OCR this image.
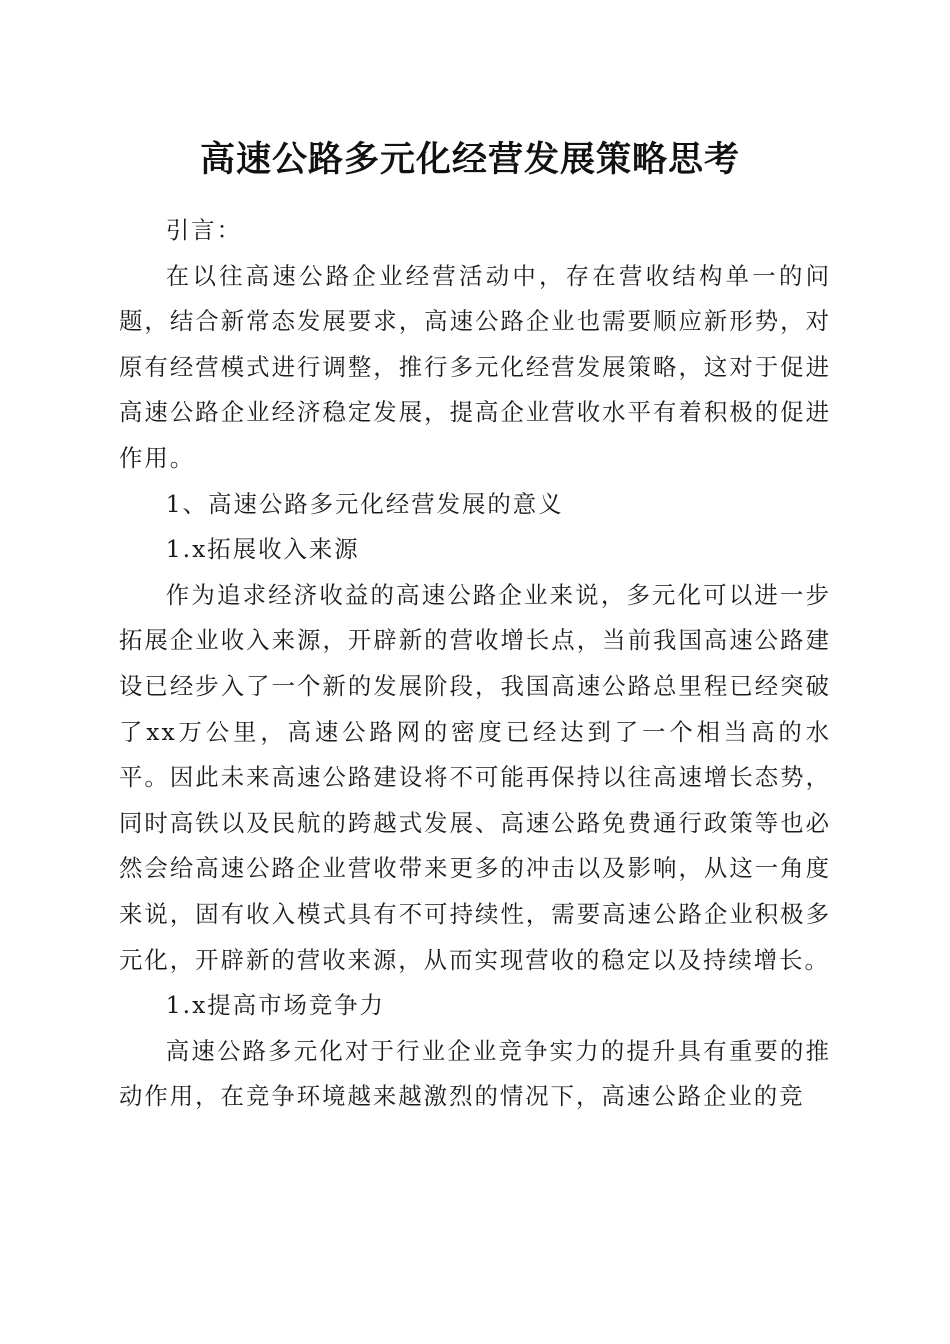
高速公路多元化经营发展策略思考

引言：

在以往高速公路企业经营活动中，存在营收结构单一的问题，结合新常态发展要求，高速公路企业也需要顺应新形势，对原有经营模式进行调整，推行多元化经营发展策略，这对于促进高速公路企业经济稳定发展，提高企业营收水平有着积极的促进作用。

1、高速公路多元化经营发展的意义

1.x拓展收入来源

作为追求经济收益的高速公路企业来说，多元化可以进一步拓展企业收入来源，开辟新的营收增长点，当前我国高速公路建设已经步入了一个新的发展阶段，我国高速公路总里程已经突破了xx万公里，高速公路网的密度已经达到了一个相当高的水平。因此未来高速公路建设将不可能再保持以往高速增长态势，同时高铁以及民航的跨越式发展、高速公路免费通行政策等也必然会给高速公路企业营收带来更多的冲击以及影响，从这一角度来说，固有收入模式具有不可持续性，需要高速公路企业积极多元化，开辟新的营收来源，从而实现营收的稳定以及持续增长。

1.x提高市场竞争力

高速公路多元化对于行业企业竞争实力的提升具有重要的推动作用，在竞争环境越来越激烈的情况下，高速公路企业的竞
